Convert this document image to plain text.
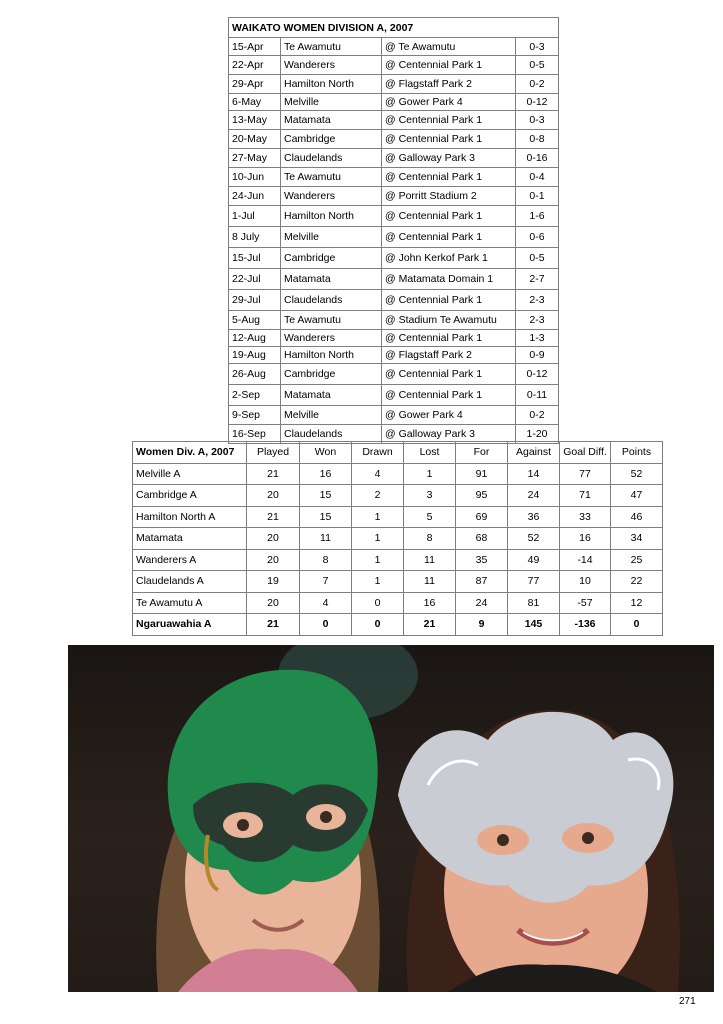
WAIKATO WOMEN DIVISION A, 2007			
15-Apr	Te Awamutu	@ Te Awamutu	0-3
22-Apr	Wanderers	@ Centennial Park 1	0-5
29-Apr	Hamilton North	@ Flagstaff Park 2	0-2
6-May	Melville	@ Gower Park 4	0-12
13-May	Matamata	@ Centennial Park 1	0-3
20-May	Cambridge	@ Centennial Park 1	0-8
27-May	Claudelands	@ Galloway Park 3	0-16
10-Jun	Te Awamutu	@ Centennial Park 1	0-4
24-Jun	Wanderers	@ Porritt Stadium 2	0-1
1-Jul	Hamilton North	@ Centennial Park 1	1-6
8 July	Melville	@ Centennial Park 1	0-6
15-Jul	Cambridge	@ John Kerkof Park 1	0-5
22-Jul	Matamata	@ Matamata Domain 1	2-7
29-Jul	Claudelands	@ Centennial Park 1	2-3
5-Aug	Te Awamutu	@ Stadium Te Awamutu	2-3
12-Aug	Wanderers	@ Centennial Park 1	1-3
19-Aug	Hamilton North	@ Flagstaff Park 2	0-9
26-Aug	Cambridge	@ Centennial Park 1	0-12
2-Sep	Matamata	@ Centennial Park 1	0-11
9-Sep	Melville	@ Gower Park 4	0-2
16-Sep	Claudelands	@ Galloway Park 3	1-20
Women Div. A, 2007	Played	Won	Drawn	Lost	For	Against	Goal Diff.	Points
Melville A	21	16	4	1	91	14	77	52
Cambridge A	20	15	2	3	95	24	71	47
Hamilton North A	21	15	1	5	69	36	33	46
Matamata	20	11	1	8	68	52	16	34
Wanderers A	20	8	1	11	35	49	-14	25
Claudelands A	19	7	1	11	87	77	10	22
Te Awamutu A	20	4	0	16	24	81	-57	12
Ngaruawahia A	21	0	0	21	9	145	-136	0
271
